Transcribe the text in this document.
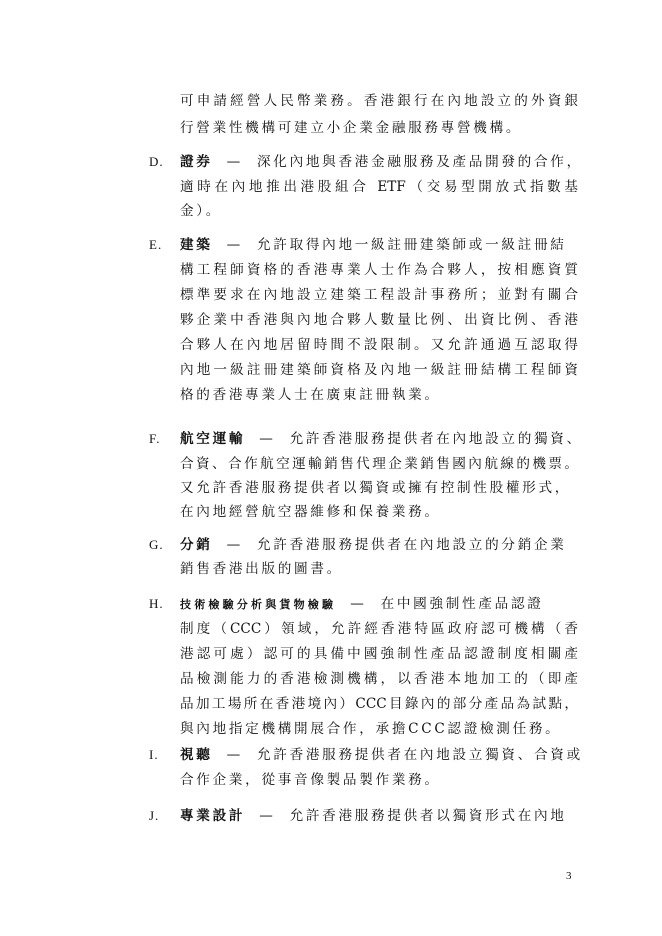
可申請經營人民幣業務。香港銀行在內地設立的外資銀
行營業性機構可建立小企業金融服務專營機構。
D. 證券 — 深化內地與香港金融服務及產品開發的合作，
適時在內地推出港股組合 ETF（交易型開放式指數基
金）。
E. 建築 — 允許取得內地一級註冊建築師或一級註冊結
構工程師資格的香港專業人士作為合夥人，按相應資質
標準要求在內地設立建築工程設計事務所；並對有關合
夥企業中香港與內地合夥人數量比例、出資比例、香港
合夥人在內地居留時間不設限制。又允許通過互認取得
內地一級註冊建築師資格及內地一級註冊結構工程師資
格的香港專業人士在廣東註冊執業。
F. 航空運輸 — 允許香港服務提供者在內地設立的獨資、
合資、合作航空運輸銷售代理企業銷售國內航線的機票。
又允許香港服務提供者以獨資或擁有控制性股權形式，
在內地經營航空器維修和保養業務。
G. 分銷 — 允許香港服務提供者在內地設立的分銷企業
銷售香港出版的圖書。
H. 技術檢驗分析與貨物檢驗 — 在中國強制性產品認證
制度（CCC）領域，允許經香港特區政府認可機構（香
港認可處）認可的具備中國強制性產品認證制度相關產
品檢測能力的香港檢測機構，以香港本地加工的（即產
品加工場所在香港境內）CCC目錄內的部分產品為試點，
與內地指定機構開展合作，承擔CCC認證檢測任務。
I. 視聽 — 允許香港服務提供者在內地設立獨資、合資或
合作企業，從事音像製品製作業務。
J. 專業設計 — 允許香港服務提供者以獨資形式在內地
3
